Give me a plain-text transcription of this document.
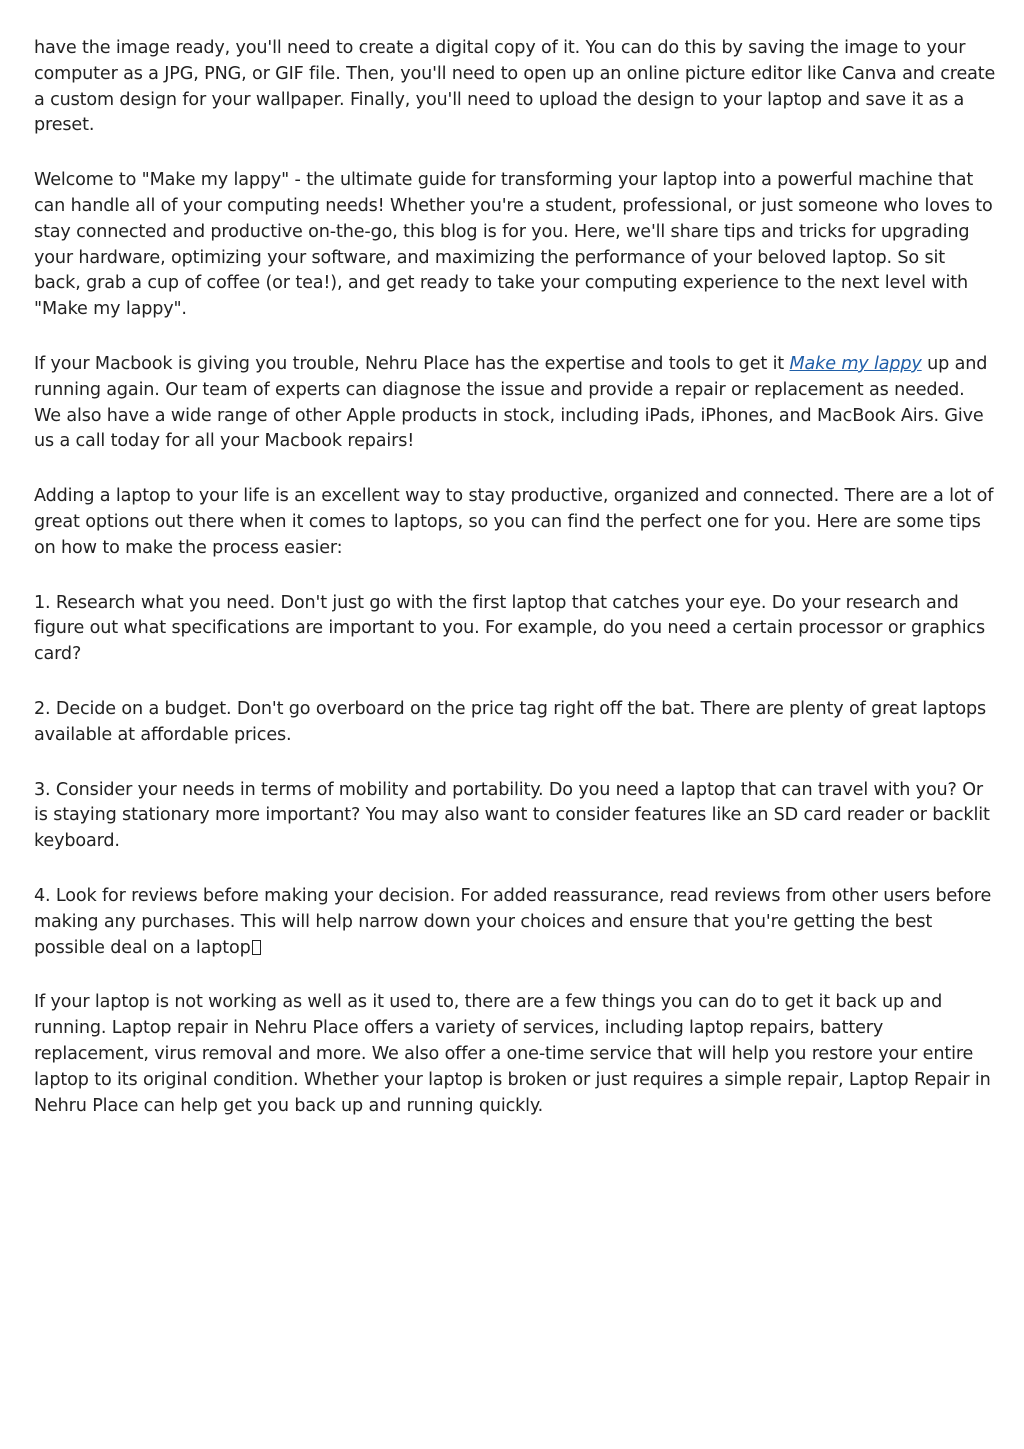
have the image ready, you'll need to create a digital copy of it. You can do this by saving the image to your computer as a JPG, PNG, or GIF file. Then, you'll need to open up an online picture editor like Canva and create a custom design for your wallpaper. Finally, you'll need to upload the design to your laptop and save it as a preset.

Welcome to "Make my lappy" - the ultimate guide for transforming your laptop into a powerful machine that can handle all of your computing needs! Whether you're a student, professional, or just someone who loves to stay connected and productive on-the-go, this blog is for you. Here, we'll share tips and tricks for upgrading your hardware, optimizing your software, and maximizing the performance of your beloved laptop. So sit back, grab a cup of coffee (or tea!), and get ready to take your computing experience to the next level with "Make my lappy".

If your Macbook is giving you trouble, Nehru Place has the expertise and tools to get it Make my lappy up and running again. Our team of experts can diagnose the issue and provide a repair or replacement as needed. We also have a wide range of other Apple products in stock, including iPads, iPhones, and MacBook Airs. Give us a call today for all your Macbook repairs!

Adding a laptop to your life is an excellent way to stay productive, organized and connected. There are a lot of great options out there when it comes to laptops, so you can find the perfect one for you. Here are some tips on how to make the process easier:

1. Research what you need. Don't just go with the first laptop that catches your eye. Do your research and figure out what specifications are important to you. For example, do you need a certain processor or graphics card?

2. Decide on a budget. Don't go overboard on the price tag right off the bat. There are plenty of great laptops available at affordable prices.

3. Consider your needs in terms of mobility and portability. Do you need a laptop that can travel with you? Or is staying stationary more important? You may also want to consider features like an SD card reader or backlit keyboard.

4. Look for reviews before making your decision. For added reassurance, read reviews from other users before making any purchases. This will help narrow down your choices and ensure that you're getting the best possible deal on a laptop

If your laptop is not working as well as it used to, there are a few things you can do to get it back up and running. Laptop repair in Nehru Place offers a variety of services, including laptop repairs, battery replacement, virus removal and more. We also offer a one-time service that will help you restore your entire laptop to its original condition. Whether your laptop is broken or just requires a simple repair, Laptop Repair in Nehru Place can help get you back up and running quickly.
